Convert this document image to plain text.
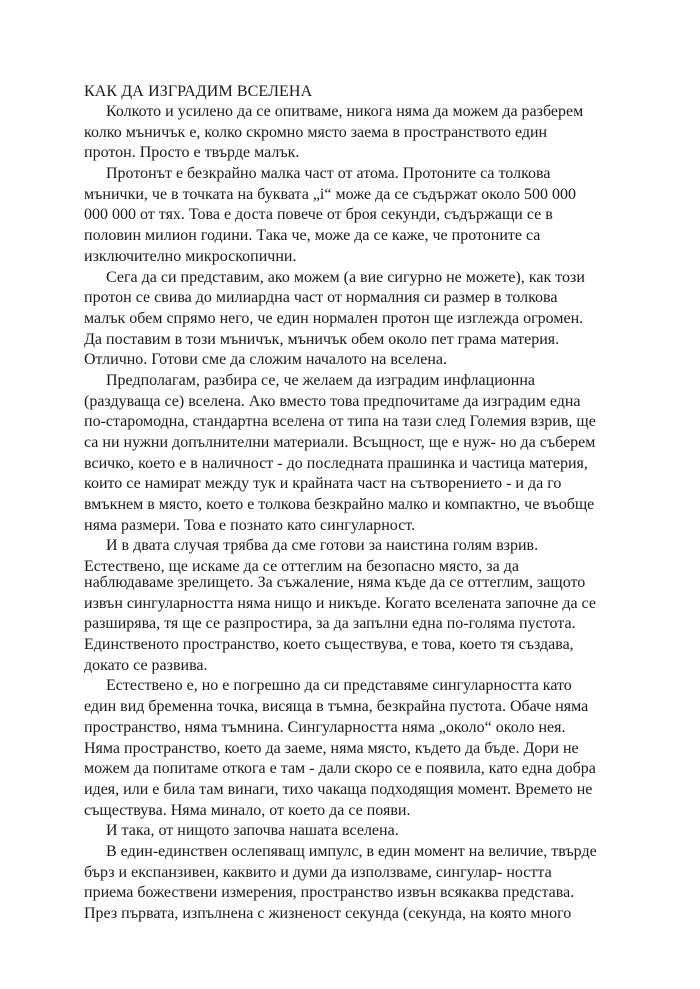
КАК ДА ИЗГРАДИМ ВСЕЛЕНА
Колкото и усилено да се опитваме, никога няма да можем да разберем
колко мъничък е, колко скромно място заема в пространството един
протон. Просто е твърде малък.
Протонът е безкрайно малка част от атома. Протоните са толкова
мънички, че в точката на буквата „і“ може да се съдържат около 500 000
000 000 от тях. Това е доста повече от броя секунди, съдържащи се в
половин милион години. Така че, може да се каже, че протоните са
изключително микроскопични.
Сега да си представим, ако можем (а вие сигурно не можете), как този
протон се свива до милиардна част от нормалния си размер в толкова
малък обем спрямо него, че един нормален протон ще изглежда огромен.
Да поставим в този мъничък, мъничък обем около пет грама материя.
Отлично. Готови сме да сложим началото на вселена.
Предполагам, разбира се, че желаем да изградим инфлационна
(раздуваща се) вселена. Ако вместо това предпочитаме да изградим една
по-старомодна, стандартна вселена от типа на тази след Големия взрив, ще
са ни нужни допълнителни материали. Всъщност, ще е нуж- но да съберем
всичко, което е в наличност - до последната прашинка и частица материя,
които се намират между тук и крайната част на сътворението - и да го
вмъкнем в място, което е толкова безкрайно малко и компактно, че въобще
няма размери. Това е познато като сингуларност.
И в двата случая трябва да сме готови за наистина голям взрив.
Естествено, ще искаме да се оттеглим на безопасно място, за да
наблюдаваме зрелището. За съжаление, няма къде да се оттеглим, защото
извън сингуларността няма нищо и никъде. Когато вселената започне да се
разширява, тя ще се разпростира, за да запълни една по-голяма пустота.
Единственото пространство, което съществува, е това, което тя създава,
докато се развива.
Естествено е, но е погрешно да си представяме сингуларността като
един вид бременна точка, висяща в тъмна, безкрайна пустота. Обаче няма
пространство, няма тъмнина. Сингуларността няма „около“ около нея.
Няма пространство, което да заеме, няма място, където да бъде. Дори не
можем да попитаме откога е там - дали скоро се е появила, като една добра
идея, или е била там винаги, тихо чакаща подходящия момент. Времето не
съществува. Няма минало, от което да се появи.
И така, от нищото започва нашата вселена.
В един-единствен ослепяващ импулс, в един момент на величие, твърде
бърз и експанзивен, каквито и думи да използваме, сингулар- ността
приема божествени измерения, пространство извън всякаква представа.
През първата, изпълнена с жизненост секунда (секунда, на която много
